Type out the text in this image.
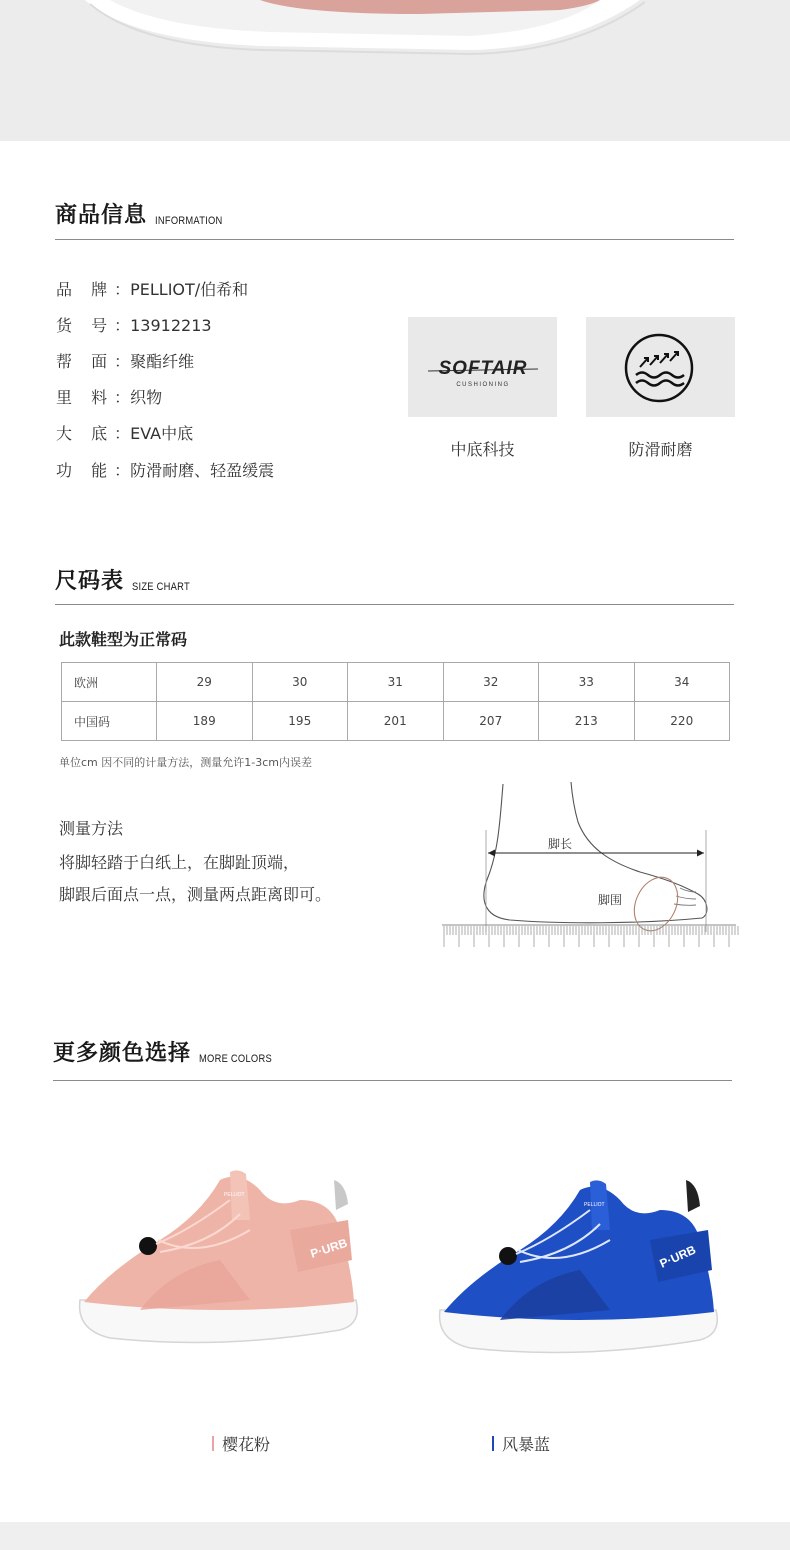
商品信息 INFORMATION
品 牌：PELLIOT/伯希和
货 号：13912213
帮 面：聚酯纤维
里 料：织物
大 底：EVA中底
功 能：防滑耐磨、轻盈缓震
SOFTAIR
CUSHIONING
中底科技	防滑耐磨
尺码表 SIZE CHART
此款鞋型为正常码
欧洲	29	30	31	32	33	34
中国码	189	195	201	207	213	220
单位cm 因不同的计量方法，测量允许1-3cm内误差
测量方法
将脚轻踏于白纸上，在脚趾顶端，
脚跟后面点一点，测量两点距离即可。
脚长
脚围
更多颜色选择 MORE COLORS
P·URB
PELLIOT
樱花粉
P·URB
PELLIOT
风暴蓝
